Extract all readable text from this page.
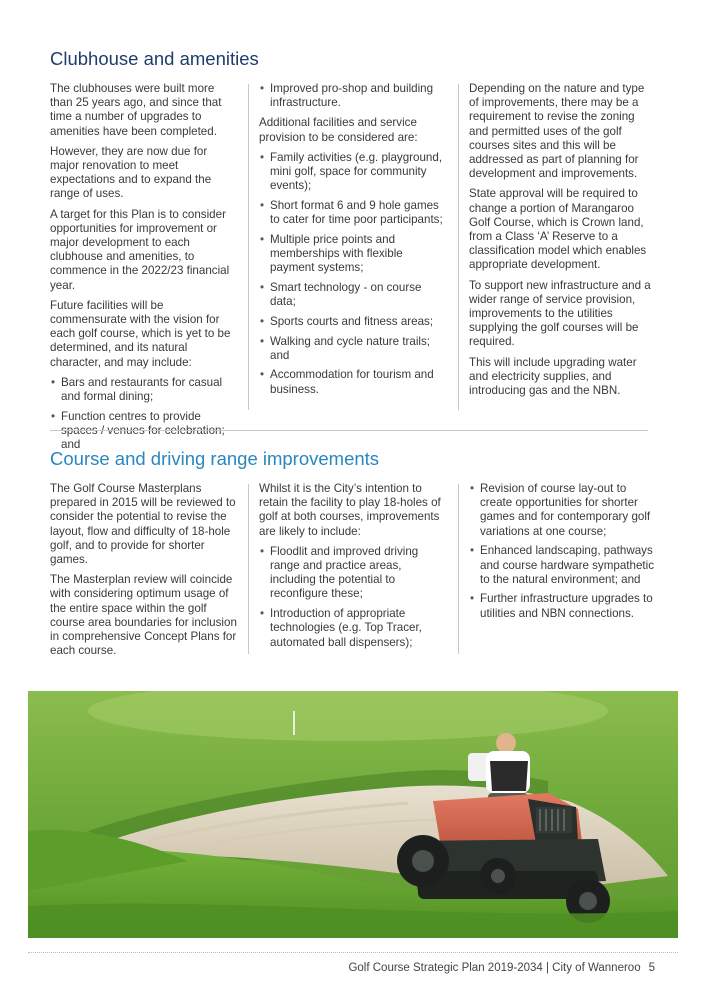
Clubhouse and amenities

The clubhouses were built more than 25 years ago, and since that time a number of upgrades to amenities have been completed.

However, they are now due for major renovation to meet expectations and to expand the range of uses.

A target for this Plan is to consider opportunities for improvement or major development to each clubhouse and amenities, to commence in the 2022/23 financial year.

Future facilities will be commensurate with the vision for each golf course, which is yet to be determined, and its natural character, and may include:

• Bars and restaurants for casual and formal dining;
• Function centres to provide spaces / venues for celebration; and
• Improved pro-shop and building infrastructure.

Additional facilities and service provision to be considered are:

• Family activities (e.g. playground, mini golf, space for community events);
• Short format 6 and 9 hole games to cater for time poor participants;
• Multiple price points and memberships with flexible payment systems;
• Smart technology - on course data;
• Sports courts and fitness areas;
• Walking and cycle nature trails; and
• Accommodation for tourism and business.

Depending on the nature and type of improvements, there may be a requirement to revise the zoning and permitted uses of the golf courses sites and this will be addressed as part of planning for development and improvements.

State approval will be required to change a portion of Marangaroo Golf Course, which is Crown land, from a Class ‘A’ Reserve to a classification model which enables appropriate development.

To support new infrastructure and a wider range of service provision, improvements to the utilities supplying the golf courses will be required.

This will include upgrading water and electricity supplies, and introducing gas and the NBN.

Course and driving range improvements

The Golf Course Masterplans prepared in 2015 will be reviewed to consider the potential to revise the layout, flow and difficulty of 18-hole golf, and to provide for shorter games.

The Masterplan review will coincide with considering optimum usage of the entire space within the golf course area boundaries for inclusion in comprehensive Concept Plans for each course.

Whilst it is the City’s intention to retain the facility to play 18-holes of golf at both courses, improvements are likely to include:

• Floodlit and improved driving range and practice areas, including the potential to reconfigure these;
• Introduction of appropriate technologies (e.g. Top Tracer, automated ball dispensers);
• Revision of course lay-out to create opportunities for shorter games and for contemporary golf variations at one course;
• Enhanced landscaping, pathways and course hardware sympathetic to the natural environment; and
• Further infrastructure upgrades to utilities and NBN connections.
Golf Course Strategic Plan 2019-2034 | City of Wanneroo 5
